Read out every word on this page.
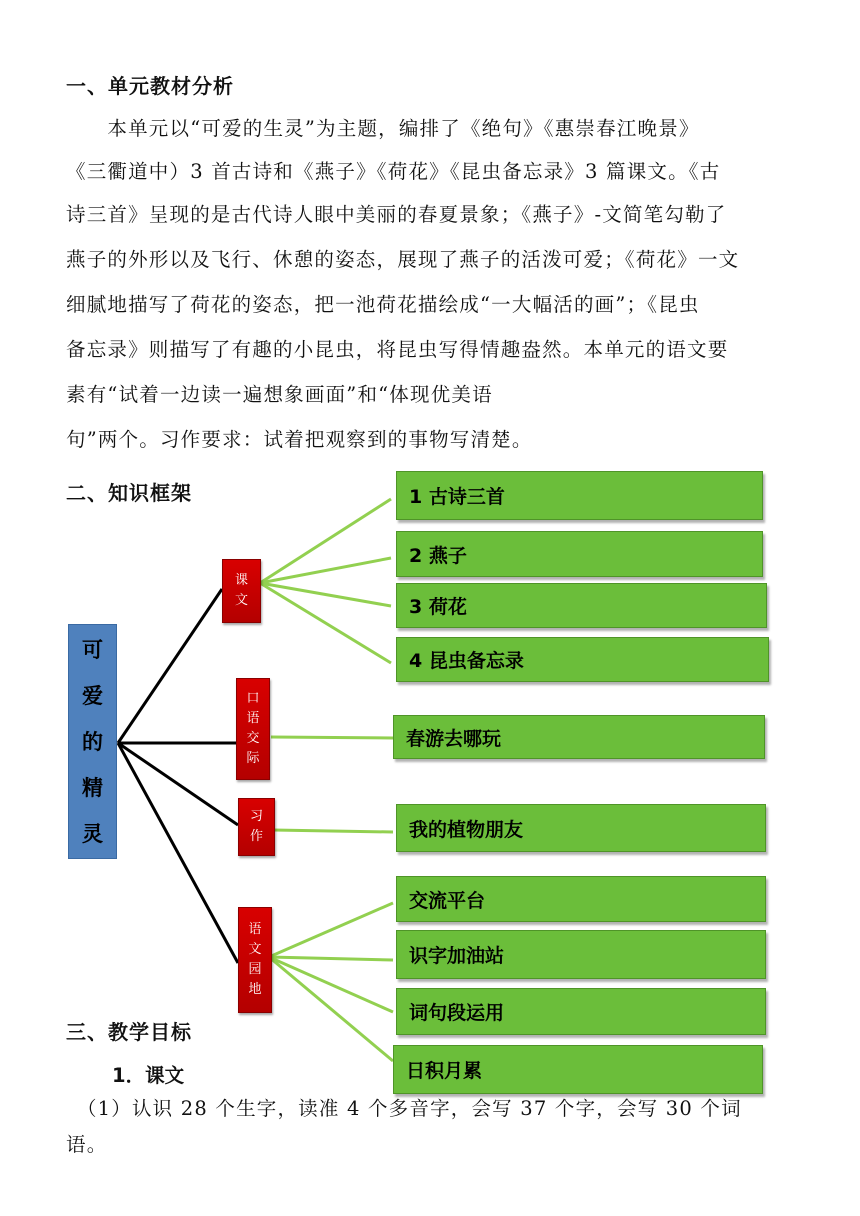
一、单元教材分析
　　本单元以“可爱的生灵”为主题，编排了《绝句》《惠崇春江晚景》
《三衢道中）3 首古诗和《燕子》《荷花》《昆虫备忘录》3 篇课文。《古
诗三首》呈现的是古代诗人眼中美丽的春夏景象；《燕子》-文简笔勾勒了
燕子的外形以及飞行、休憩的姿态，展现了燕子的活泼可爱；《荷花》一文
细腻地描写了荷花的姿态，把一池荷花描绘成“一大幅活的画”；《昆虫
备忘录》则描写了有趣的小昆虫，将昆虫写得情趣盎然。本单元的语文要
素有“试着一边读一遍想象画面”和“体现优美语
句”两个。习作要求：试着把观察到的事物写清楚。
二、知识框架
可
爱
的
精
灵
课
文
口
语
交
际
习
作
语
文
园
地
1 古诗三首
2 燕子
3 荷花
4 昆虫备忘录
春游去哪玩
我的植物朋友
交流平台
识字加油站
词句段运用
日积月累
三、教学目标
1．课文
　（1）认识 28 个生字，读准 4 个多音字，会写 37 个字，会写 30 个词
语。
